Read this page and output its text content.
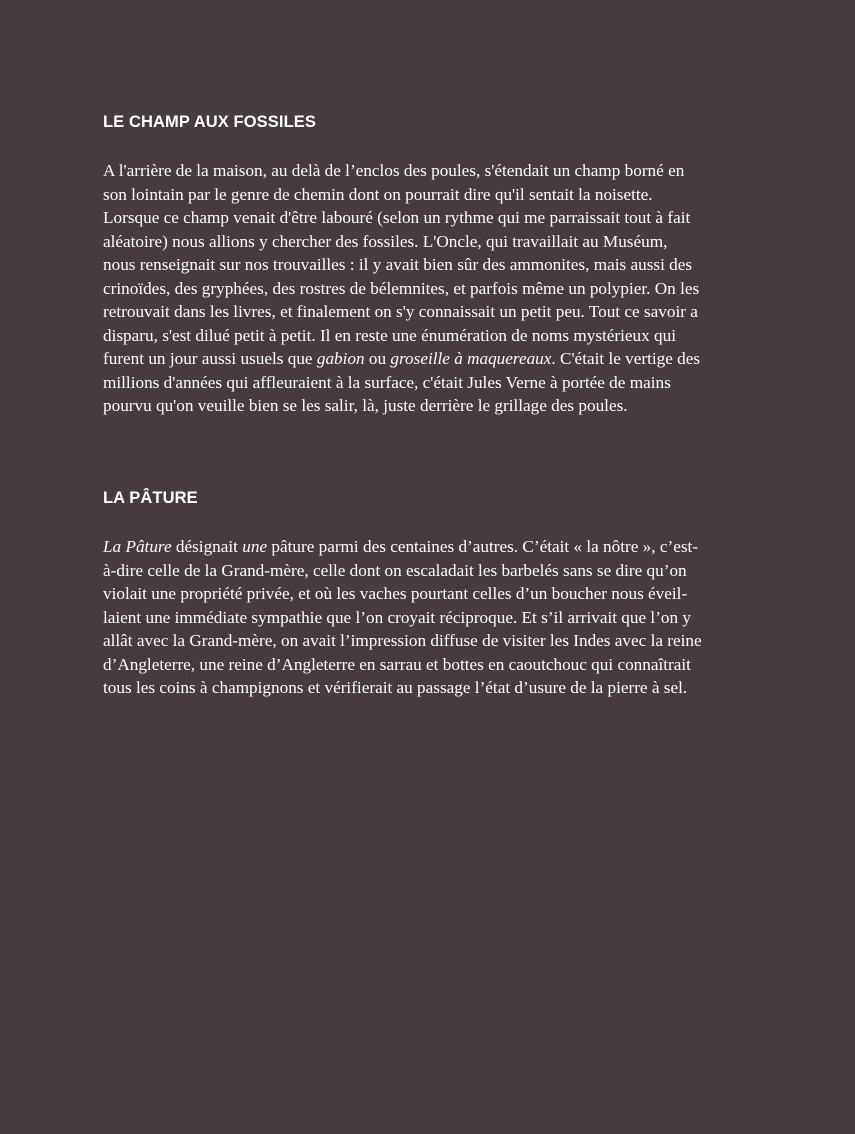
LE CHAMP AUX FOSSILES

A l'arrière de la maison, au delà de l’enclos des poules, s'étendait un champ borné en
son lointain par le genre de chemin dont on pourrait dire qu'il sentait la noisette.
Lorsque ce champ venait d'être labouré (selon un rythme qui me parraissait tout à fait
aléatoire) nous allions y chercher des fossiles. L'Oncle, qui travaillait au Muséum,
nous renseignait sur nos trouvailles : il y avait bien sûr des ammonites, mais aussi des
crinoïdes, des gryphées, des rostres de bélemnites, et parfois même un polypier. On les
retrouvait dans les livres, et finalement on s'y connaissait un petit peu. Tout ce savoir a
disparu, s'est dilué petit à petit. Il en reste une énumération de noms mystérieux qui
furent un jour aussi usuels que gabion ou groseille à maquereaux. C'était le vertige des
millions d'années qui affleuraient à la surface, c'était Jules Verne à portée de mains
pourvu qu'on veuille bien se les salir, là, juste derrière le grillage des poules.

LA PÂTURE

La Pâture désignait une pâture parmi des centaines d’autres. C’était « la nôtre », c’est-
à-dire celle de la Grand-mère, celle dont on escaladait les barbelés sans se dire qu’on
violait une propriété privée, et où les vaches pourtant celles d’un boucher nous éveil-
laient une immédiate sympathie que l’on croyait réciproque. Et s’il arrivait que l’on y
allât avec la Grand-mère, on avait l’impression diffuse de visiter les Indes avec la reine
d’Angleterre, une reine d’Angleterre en sarrau et bottes en caoutchouc qui connaîtrait
tous les coins à champignons et vérifierait au passage l’état d’usure de la pierre à sel.
